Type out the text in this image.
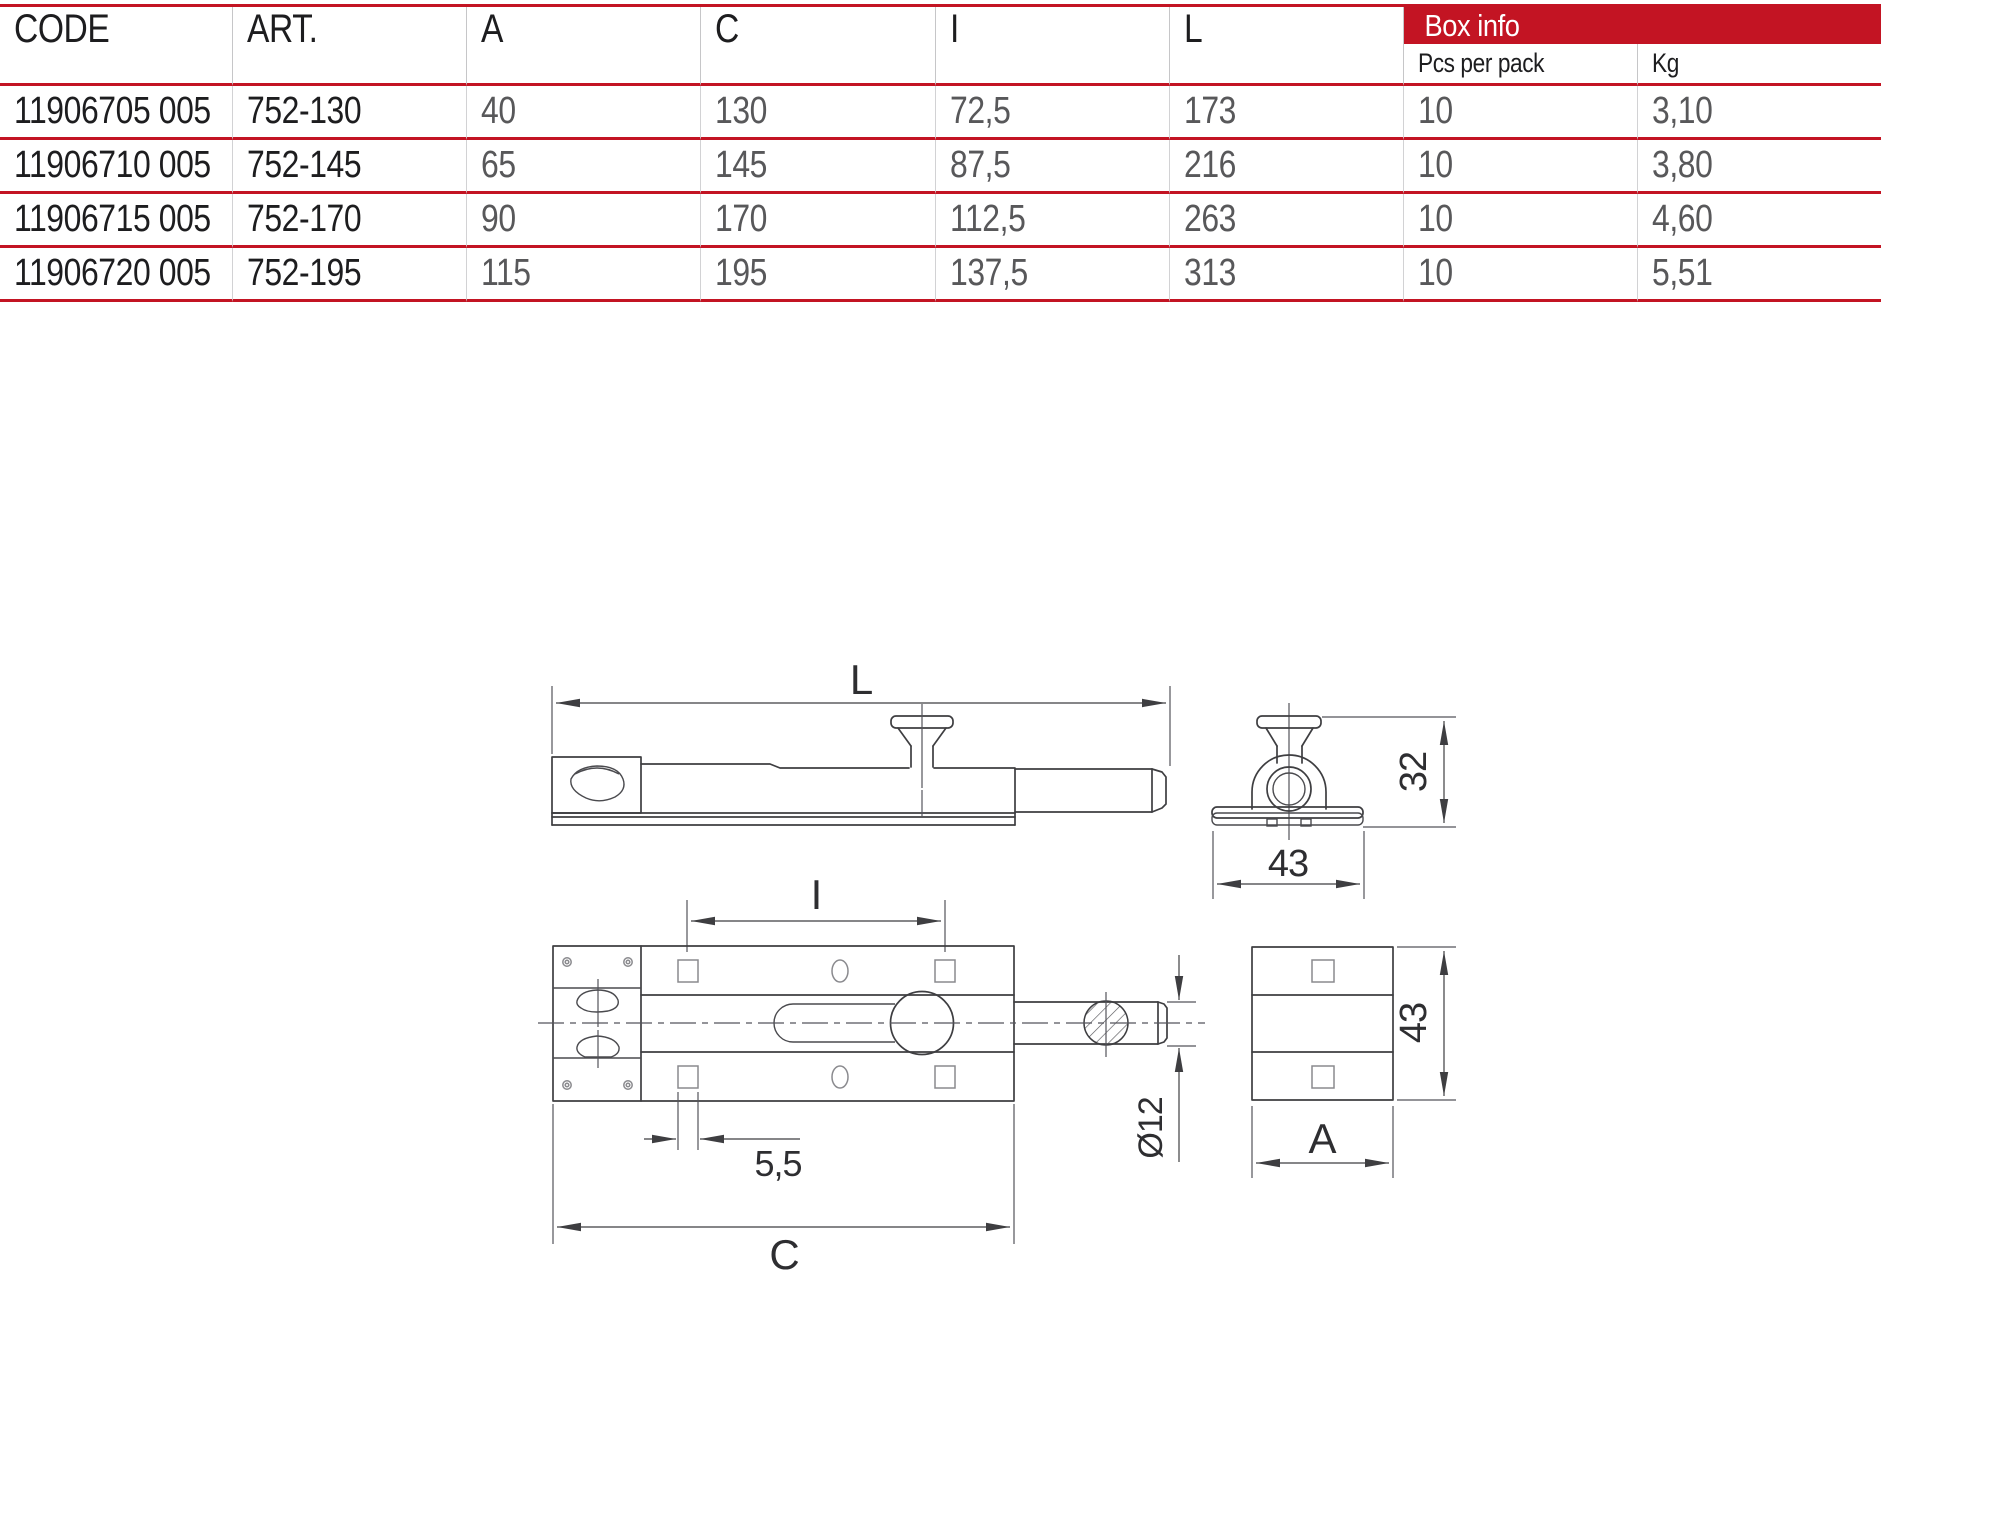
CODE	ART.	A	C	I	L	Box info	
						Pcs per pack	Kg
11906705 005	752-130	40	130	72,5	173	10	3,10
11906710 005	752-145	65	145	87,5	216	10	3,80
11906715 005	752-170	90	170	112,5	263	10	4,60
11906720 005	752-195	115	195	137,5	313	10	5,51
L
32
43
I
5,5
C
Ø12
43
A
